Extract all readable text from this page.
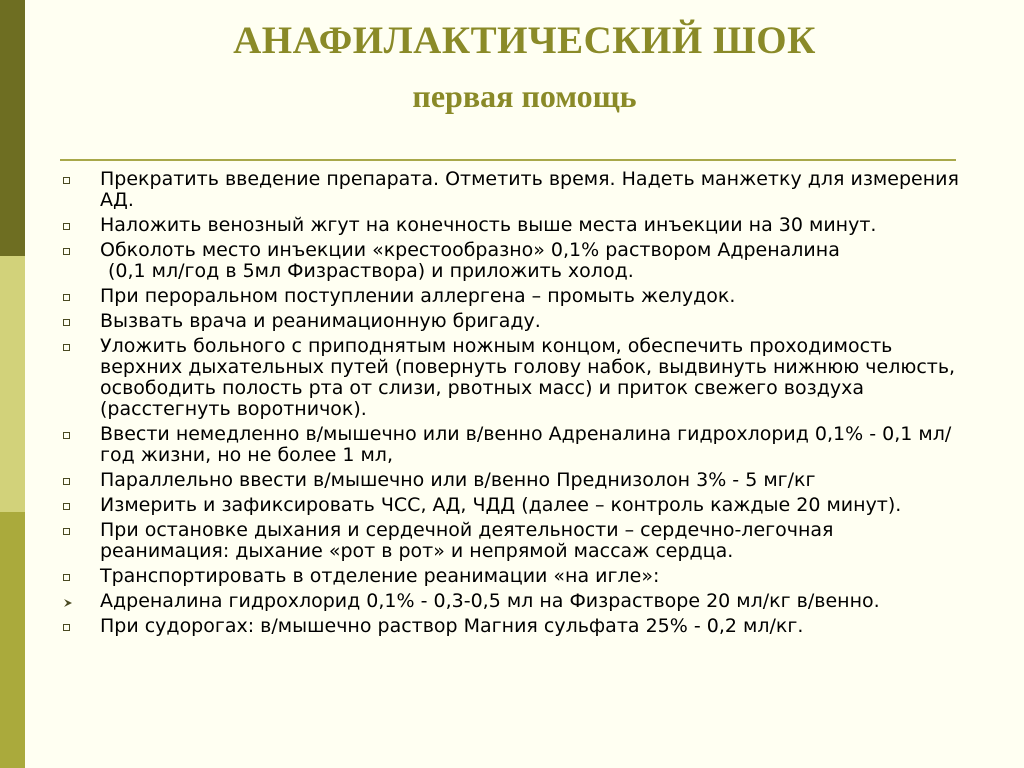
АНАФИЛАКТИЧЕСКИЙ ШОК
первая помощь
Прекратить введение препарата. Отметить время. Надеть манжетку для измерения АД.
Наложить венозный жгут на конечность выше места инъекции на 30 минут.
Обколоть место инъекции «крестообразно» 0,1% раствором Адреналина
(0,1 мл/год в 5мл Физраствора) и приложить холод.
При пероральном поступлении аллергена – промыть желудок.
Вызвать врача и реанимационную бригаду.
Уложить больного с приподнятым ножным концом, обеспечить проходимость верхних дыхательных путей (повернуть голову набок, выдвинуть нижнюю челюсть, освободить полость рта от слизи, рвотных масс) и приток свежего воздуха (расстегнуть воротничок).
Ввести немедленно в/мышечно или в/венно Адреналина гидрохлорид 0,1% - 0,1 мл/год жизни, но не более 1 мл,
Параллельно ввести в/мышечно или в/венно Преднизолон 3% - 5 мг/кг
Измерить и зафиксировать ЧСС, АД, ЧДД (далее – контроль каждые 20 минут).
При остановке дыхания и сердечной деятельности – сердечно-легочная реанимация: дыхание «рот в рот» и непрямой массаж сердца.
Транспортировать в отделение реанимации «на игле»:
Адреналина гидрохлорид 0,1% - 0,3-0,5 мл на Физрастворе 20 мл/кг в/венно.
При судорогах: в/мышечно раствор Магния сульфата 25% - 0,2 мл/кг.
